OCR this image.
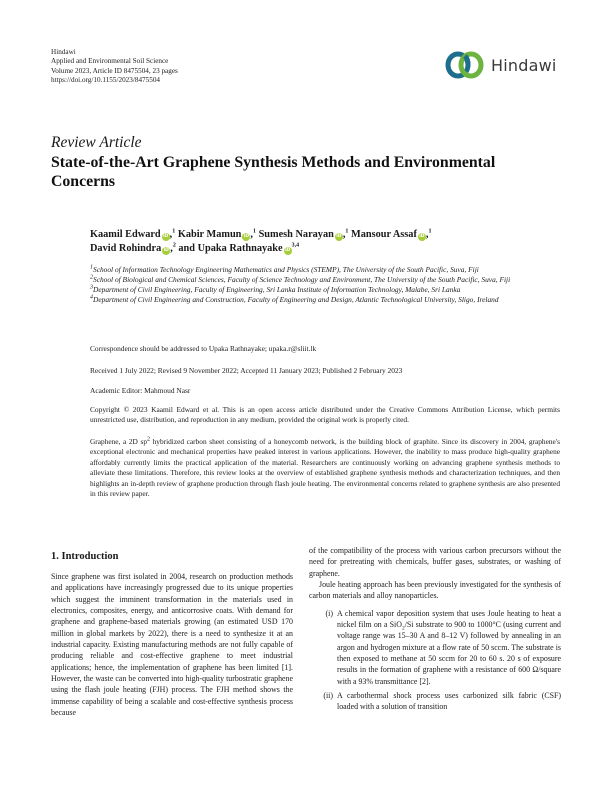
Hindawi
Applied and Environmental Soil Science
Volume 2023, Article ID 8475504, 23 pages
https://doi.org/10.1155/2023/8475504
Hindawi
Review Article
State-of-the-Art Graphene Synthesis Methods and Environmental Concerns
Kaamil Edward iD,$^1$ Kabir Mamun iD,$^1$ Sumesh Narayan iD,$^1$ Mansour Assaf iD,$^1$
David Rohindra iD,$^2$ and Upaka Rathnayake iD$^{3,4}$
$^1$School of Information Technology Engineering Mathematics and Physics (STEMP), The University of the South Pacific, Suva, Fiji
$^2$School of Biological and Chemical Sciences, Faculty of Science Technology and Environment, The University of the South Pacific, Suva, Fiji
$^3$Department of Civil Engineering, Faculty of Engineering, Sri Lanka Institute of Information Technology, Malabe, Sri Lanka
$^4$Department of Civil Engineering and Construction, Faculty of Engineering and Design, Atlantic Technological University, Sligo, Ireland
Correspondence should be addressed to Upaka Rathnayake; upaka.r@sliit.lk
Received 1 July 2022; Revised 9 November 2022; Accepted 11 January 2023; Published 2 February 2023
Academic Editor: Mahmoud Nasr
Copyright © 2023 Kaamil Edward et al. This is an open access article distributed under the Creative Commons Attribution License, which permits unrestricted use, distribution, and reproduction in any medium, provided the original work is properly cited.
Graphene, a 2D $sp^2$ hybridized carbon sheet consisting of a honeycomb network, is the building block of graphite. Since its discovery in 2004, graphene's exceptional electronic and mechanical properties have peaked interest in various applications. However, the inability to mass produce high-quality graphene affordably currently limits the practical application of the material. Researchers are continuously working on advancing graphene synthesis methods to alleviate these limitations. Therefore, this review looks at the overview of established graphene synthesis methods and characterization techniques, and then highlights an in-depth review of graphene production through flash joule heating. The environmental concerns related to graphene synthesis are also presented in this review paper.
1. Introduction
Since graphene was first isolated in 2004, research on production methods and applications have increasingly progressed due to its unique properties which suggest the imminent transformation in the materials used in electronics, composites, energy, and anticorrosive coats. With demand for graphene and graphene-based materials growing (an estimated USD 170 million in global markets by 2022), there is a need to synthesize it at an industrial capacity. Existing manufacturing methods are not fully capable of producing reliable and cost-effective graphene to meet industrial applications; hence, the implementation of graphene has been limited [1]. However, the waste can be converted into high-quality turbostratic graphene using the flash joule heating (FJH) process. The FJH method shows the immense capability of being a scalable and cost-effective synthesis process because
of the compatibility of the process with various carbon precursors without the need for pretreating with chemicals, buffer gases, substrates, or washing of graphene.
Joule heating approach has been previously investigated for the synthesis of carbon materials and alloy nanoparticles.
(i) A chemical vapor deposition system that uses Joule heating to heat a nickel film on a SiO$_2$/Si substrate to 900 to 1000°C (using current and voltage range was 15–30 A and 8–12 V) followed by annealing in an argon and hydrogen mixture at a flow rate of 50 sccm. The substrate is then exposed to methane at 50 sccm for 20 to 60 s. 20 s of exposure results in the formation of graphene with a resistance of 600 Ω/square with a 93% transmittance [2].
(ii) A carbothermal shock process uses carbonized silk fabric (CSF) loaded with a solution of transition
